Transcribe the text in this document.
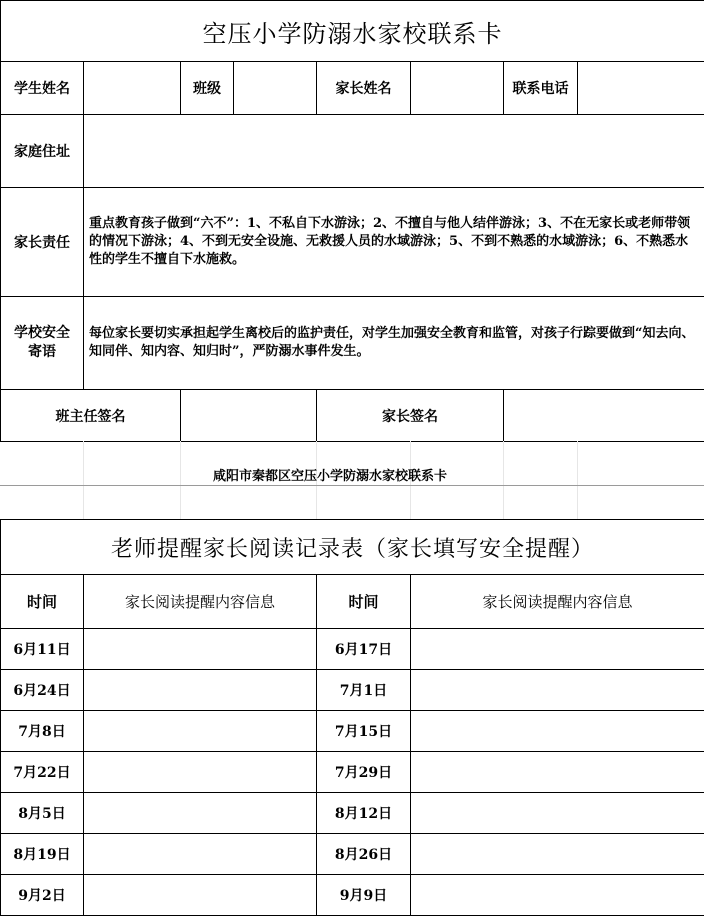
空压小学防溺水家校联系卡							
学生姓名		班级		家长姓名		联系电话	
家庭住址							
家长责任	重点教育孩子做到“六不”：1、不私自下水游泳；2、不擅自与他人结伴游泳；3、不在无家长或老师带领的情况下游泳；4、不到无安全设施、无救援人员的水域游泳；5、不到不熟悉的水域游泳；6、不熟悉水性的学生不擅自下水施救。						
学校安全寄语	每位家长要切实承担起学生离校后的监护责任，对学生加强安全教育和监管，对孩子行踪要做到“知去向、知同伴、知内容、知归时”，严防溺水事件发生。						
班主任签名				家长签名			
咸阳市秦都区空压小学防溺水家校联系卡
老师提醒家长阅读记录表（家长填写安全提醒）			
时间	家长阅读提醒内容信息	时间	家长阅读提醒内容信息
6月11日		6月17日	
6月24日		7月1日	
7月8日		7月15日	
7月22日		7月29日	
8月5日		8月12日	
8月19日		8月26日	
9月2日		9月9日	
